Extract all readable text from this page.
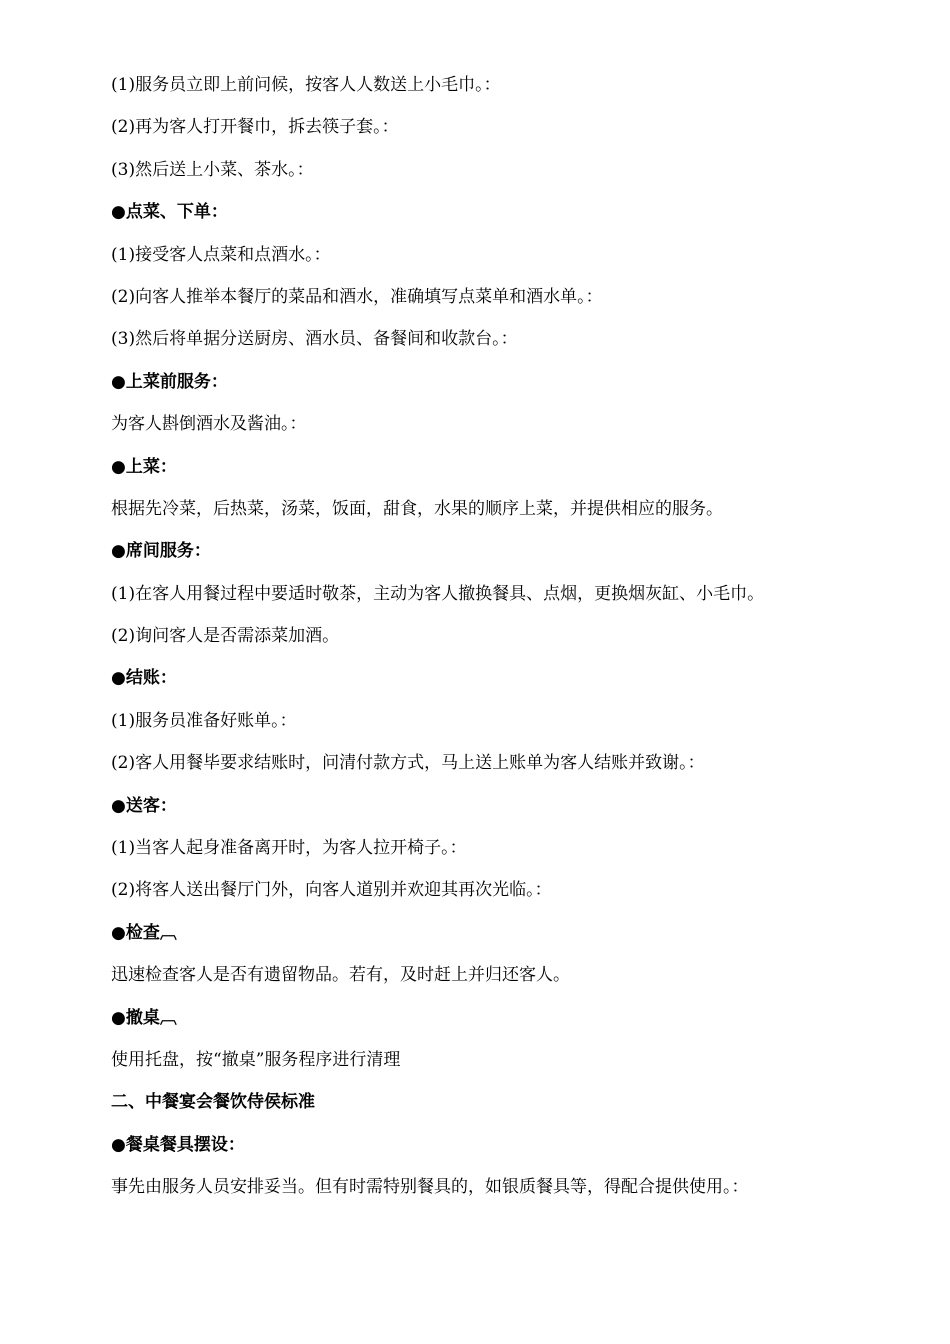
(1)服务员立即上前问候，按客人人数送上小毛巾。：
(2)再为客人打开餐巾，拆去筷子套。：
(3)然后送上小菜、茶水。：
●点菜、下单：
(1)接受客人点菜和点酒水。：
(2)向客人推举本餐厅的菜品和酒水，准确填写点菜单和酒水单。：
(3)然后将单据分送厨房、酒水员、备餐间和收款台。：
●上菜前服务：
为客人斟倒酒水及酱油。：
●上菜：
根据先冷菜，后热菜，汤菜，饭面，甜食，水果的顺序上菜，并提供相应的服务。
●席间服务：
(1)在客人用餐过程中要适时敬茶，主动为客人撤换餐具、点烟，更换烟灰缸、小毛巾。
(2)询问客人是否需添菜加酒。
●结账：
(1)服务员准备好账单。：
(2)客人用餐毕要求结账时，问清付款方式，马上送上账单为客人结账并致谢。：
●送客：
(1)当客人起身准备离开时，为客人拉开椅子。：
(2)将客人送出餐厅门外，向客人道别并欢迎其再次光临。：
●检查︹
迅速检查客人是否有遗留物品。若有，及时赶上并归还客人。
●撤桌︹
使用托盘，按“撤桌”服务程序进行清理
二、中餐宴会餐饮侍侯标准
●餐桌餐具摆设：
事先由服务人员安排妥当。但有时需特别餐具的，如银质餐具等，得配合提供使用。：
